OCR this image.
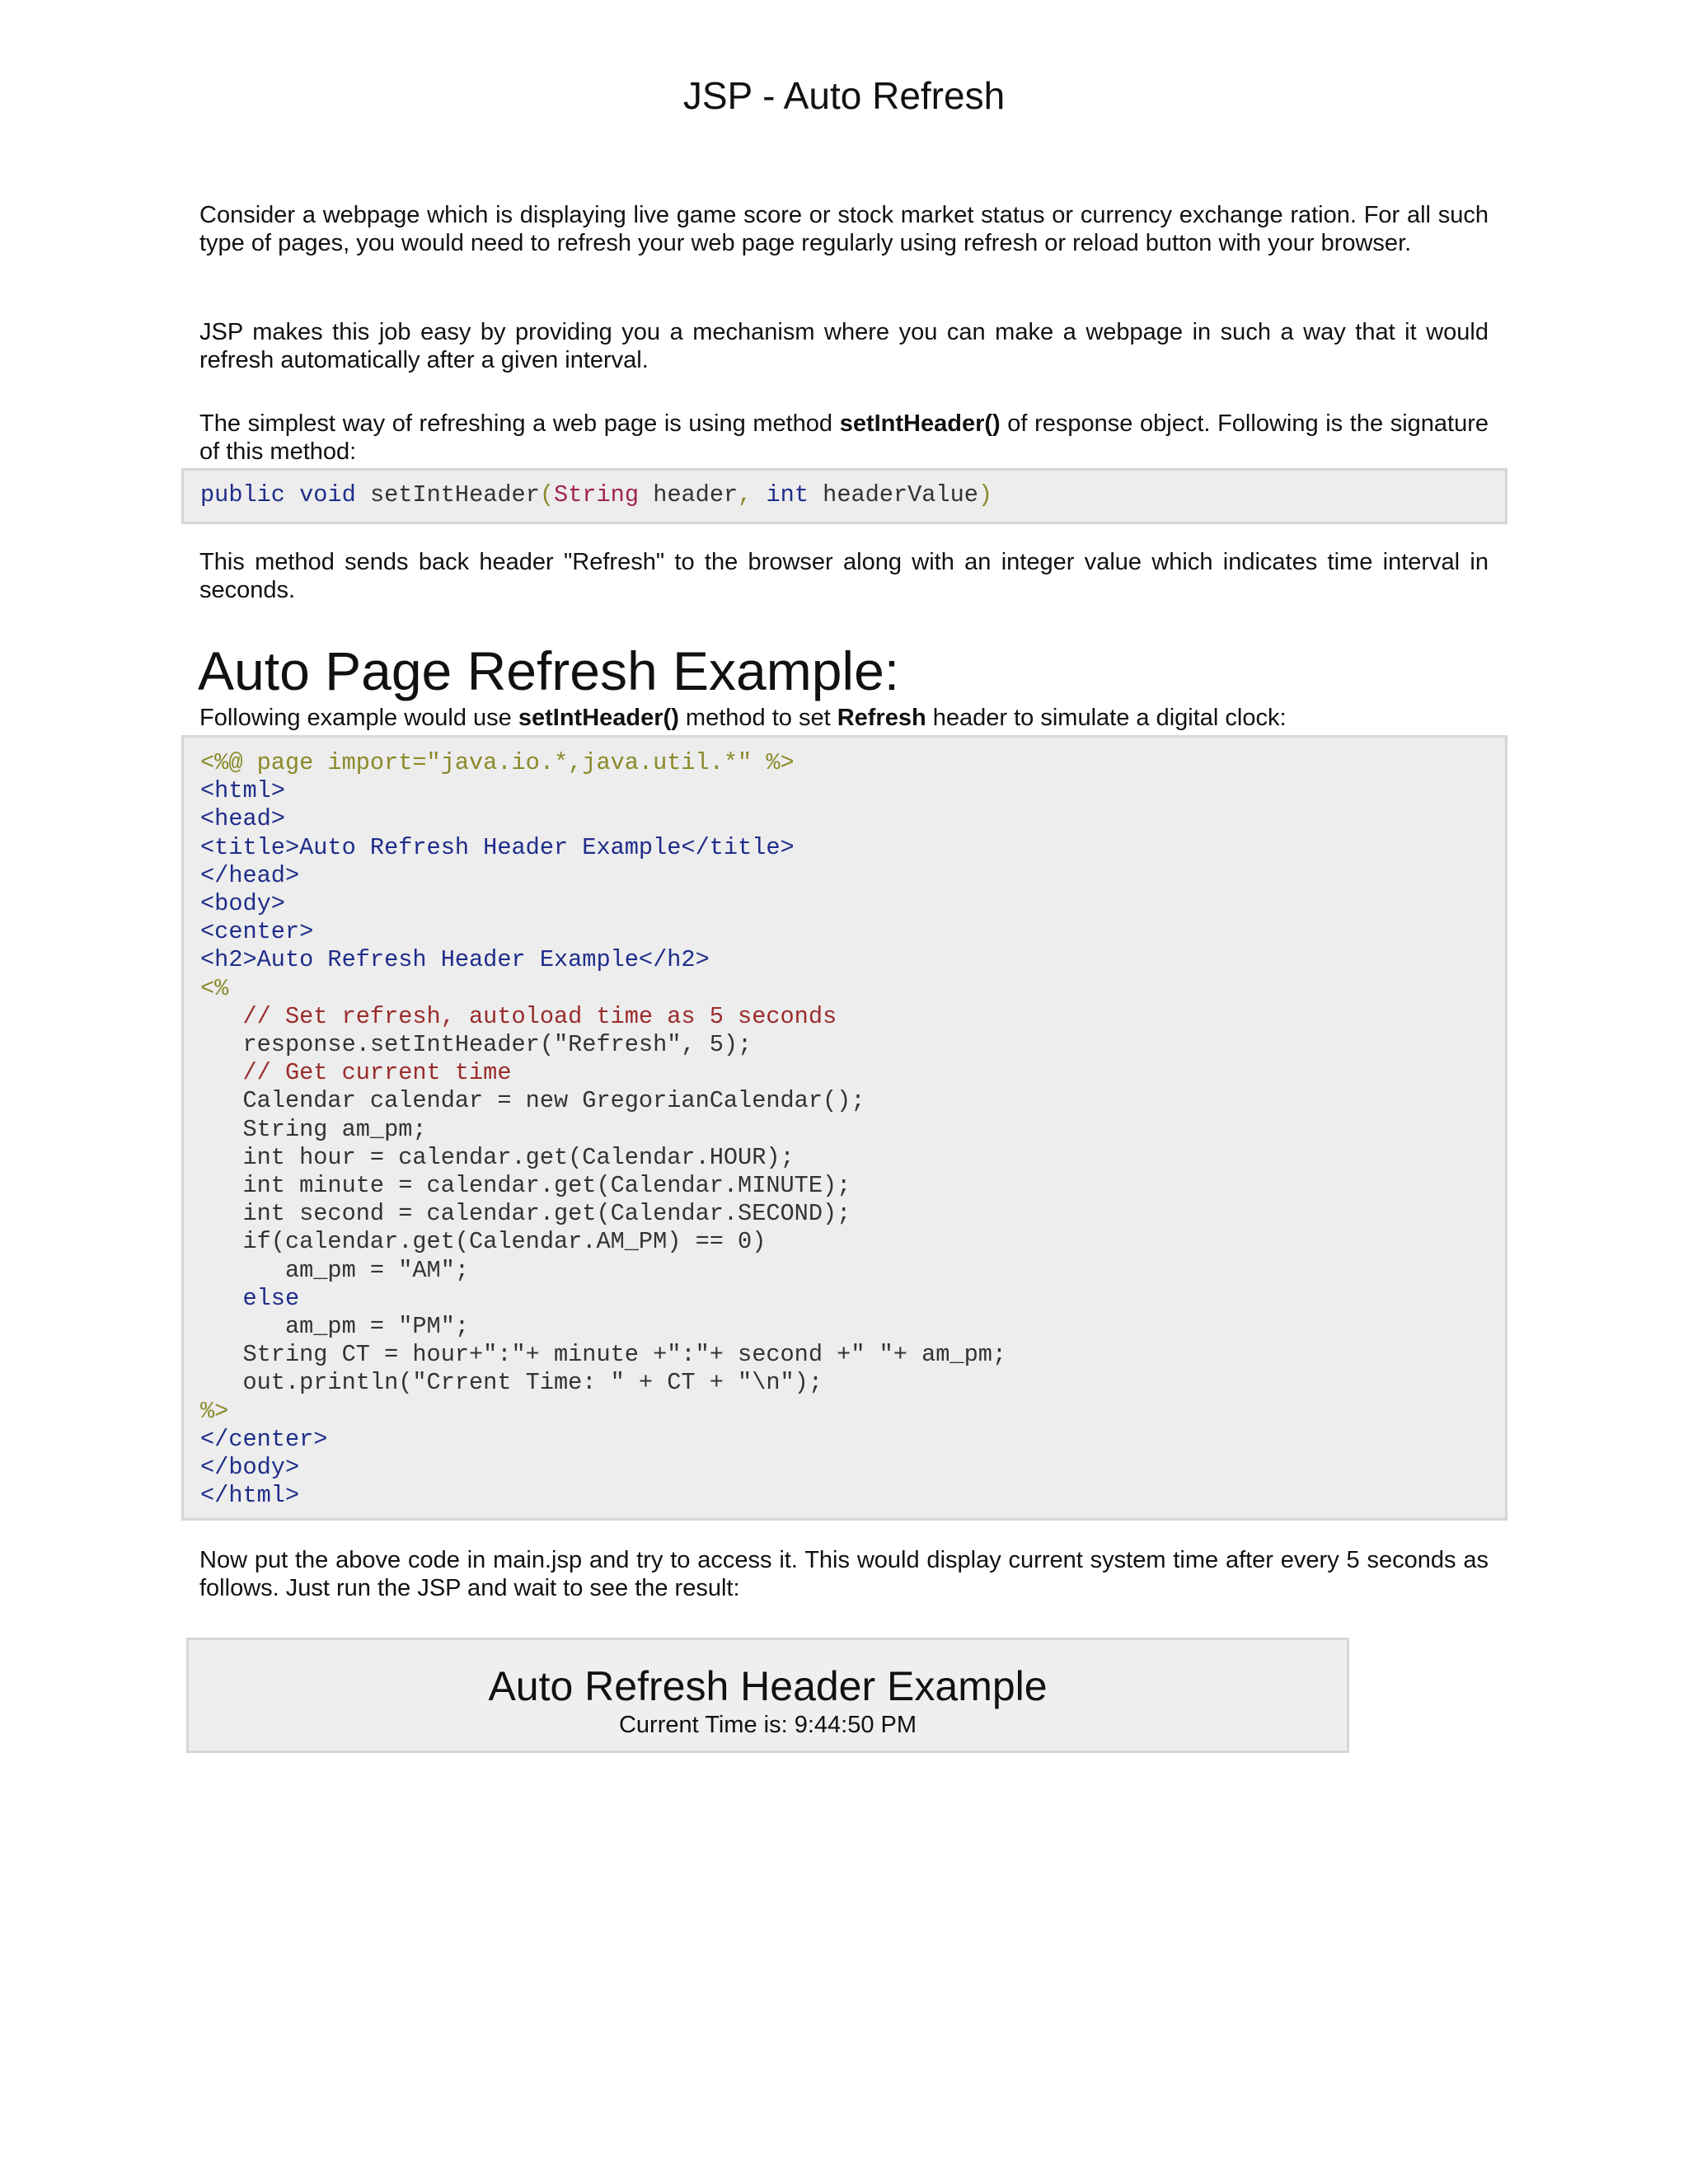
JSP - Auto Refresh

Consider a webpage which is displaying live game score or stock market status or currency exchange ration. For all such type of pages, you would need to refresh your web page regularly using refresh or reload button with your browser.

JSP makes this job easy by providing you a mechanism where you can make a webpage in such a way that it would refresh automatically after a given interval.

The simplest way of refreshing a web page is using method setIntHeader() of response object. Following is the signature of this method:

public void setIntHeader(String header, int headerValue)

This method sends back header "Refresh" to the browser along with an integer value which indicates time interval in seconds.

Auto Page Refresh Example:

Following example would use setIntHeader() method to set Refresh header to simulate a digital clock:

<%@ page import="java.io.*,java.util.*" %>
<html>
<head>
<title>Auto Refresh Header Example</title>
</head>
<body>
<center>
<h2>Auto Refresh Header Example</h2>
<%
// Set refresh, autoload time as 5 seconds
response.setIntHeader("Refresh", 5);
// Get current time
Calendar calendar = new GregorianCalendar();
String am_pm;
int hour = calendar.get(Calendar.HOUR);
int minute = calendar.get(Calendar.MINUTE);
int second = calendar.get(Calendar.SECOND);
if(calendar.get(Calendar.AM_PM) == 0)
am_pm = "AM";
else
am_pm = "PM";
String CT = hour+":"+ minute +":"+ second +" "+ am_pm;
out.println("Crrent Time: " + CT + "\n");
%>
</center>
</body>
</html>

Now put the above code in main.jsp and try to access it. This would display current system time after every 5 seconds as follows. Just run the JSP and wait to see the result:

Auto Refresh Header Example

Current Time is: 9:44:50 PM
